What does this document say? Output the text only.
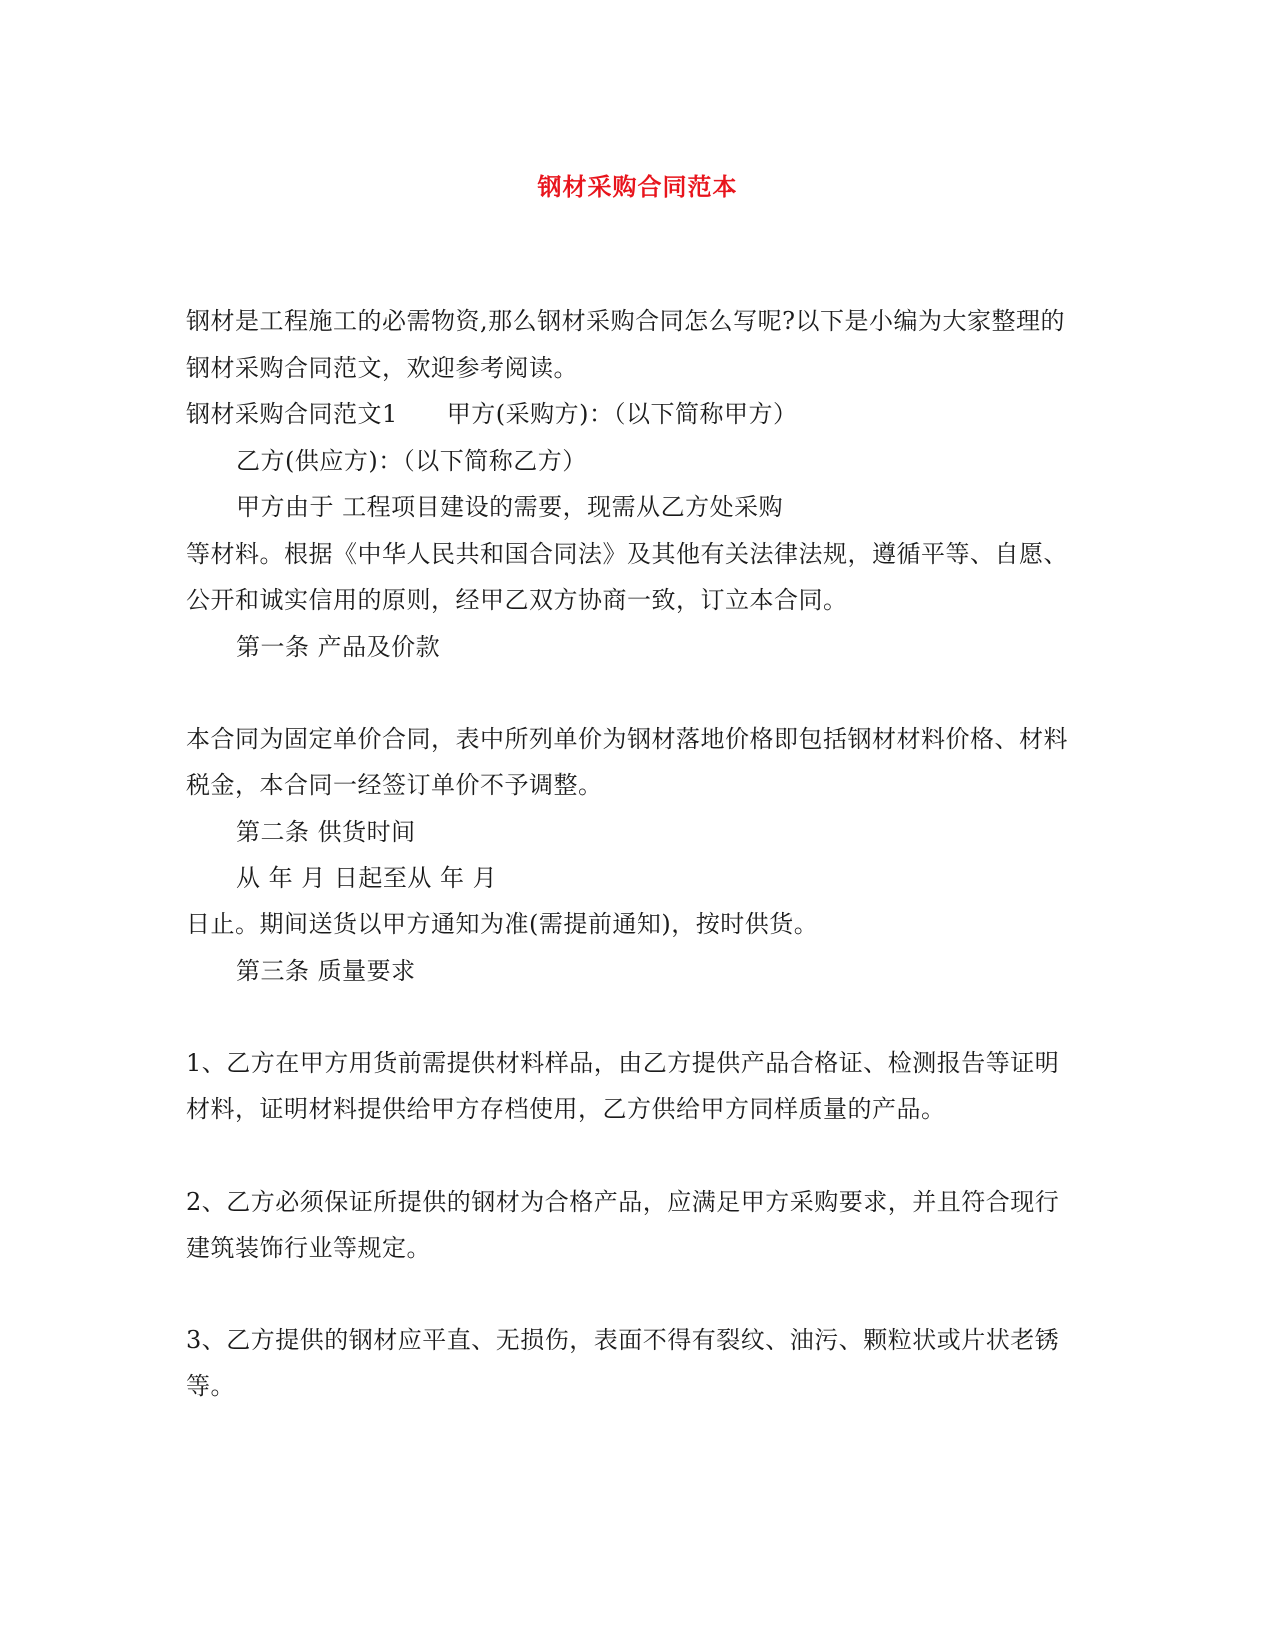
钢材采购合同范本
钢材是工程施工的必需物资,那么钢材采购合同怎么写呢?以下是小编为大家整理的
钢材采购合同范文，欢迎参考阅读。
钢材采购合同范文1　　甲方(采购方)：（以下简称甲方）
乙方(供应方)：（以下简称乙方）
甲方由于 工程项目建设的需要，现需从乙方处采购
等材料。根据《中华人民共和国合同法》及其他有关法律法规，遵循平等、自愿、
公开和诚实信用的原则，经甲乙双方协商一致，订立本合同。
第一条 产品及价款
本合同为固定单价合同，表中所列单价为钢材落地价格即包括钢材材料价格、材料
税金，本合同一经签订单价不予调整。
第二条 供货时间
从 年 月 日起至从 年 月
日止。期间送货以甲方通知为准(需提前通知)，按时供货。
第三条 质量要求
1、乙方在甲方用货前需提供材料样品，由乙方提供产品合格证、检测报告等证明
材料，证明材料提供给甲方存档使用，乙方供给甲方同样质量的产品。
2、乙方必须保证所提供的钢材为合格产品，应满足甲方采购要求，并且符合现行
建筑装饰行业等规定。
3、乙方提供的钢材应平直、无损伤，表面不得有裂纹、油污、颗粒状或片状老锈
等。
